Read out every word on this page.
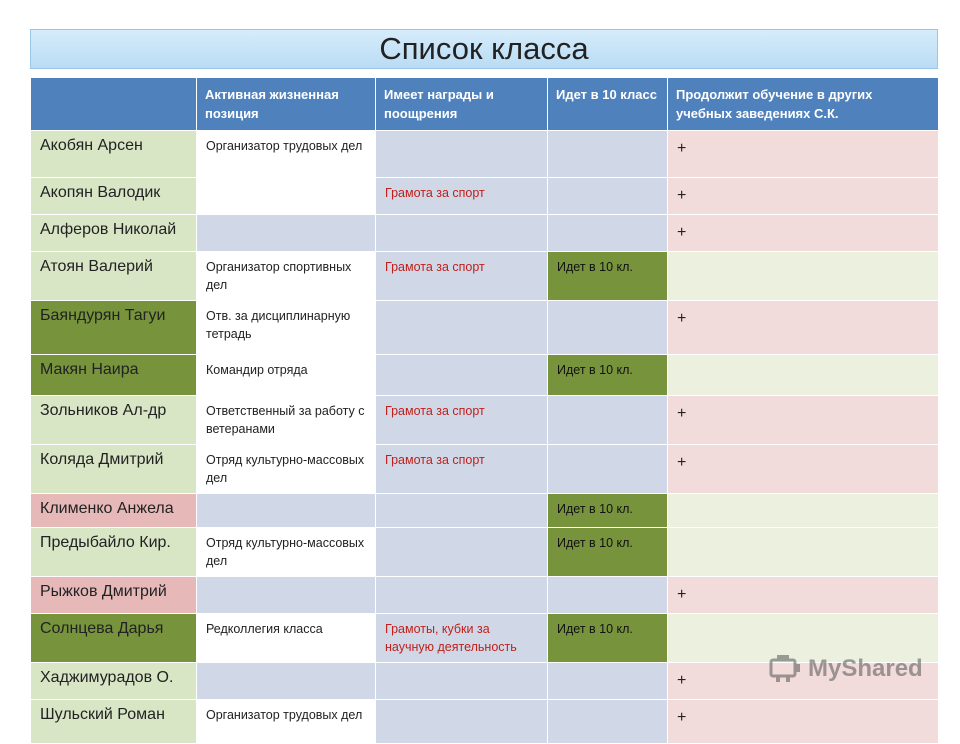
Список класса
	Активная жизненная позиция	Имеет награды и поощрения	Идет в 10 класс	Продолжит обучение в других учебных заведениях С.К.
Акобян Арсен	Организатор трудовых дел			+
Акопян Валодик		Грамота за спорт		+
Алферов Николай				+
Атоян Валерий	Организатор спортивных дел	Грамота за спорт	Идет в 10 кл.	
Баяндурян Тагуи	Отв. за дисциплинарную тетрадь			+
Макян Наира	Командир отряда		Идет в 10 кл.	
Зольников Ал-др	Ответственный за работу с ветеранами	Грамота за спорт		+
Коляда Дмитрий	Отряд культурно-массовых дел	Грамота за спорт		+
Клименко Анжела			Идет в 10 кл.	
Предыбайло Кир.	Отряд культурно-массовых дел		Идет в 10 кл.	
Рыжков Дмитрий				+
Солнцева Дарья	Редколлегия класса	Грамоты, кубки за научную деятельность	Идет в 10 кл.	
Хаджимурадов О.				+
Шульский Роман	Организатор трудовых дел			+
MyShared
